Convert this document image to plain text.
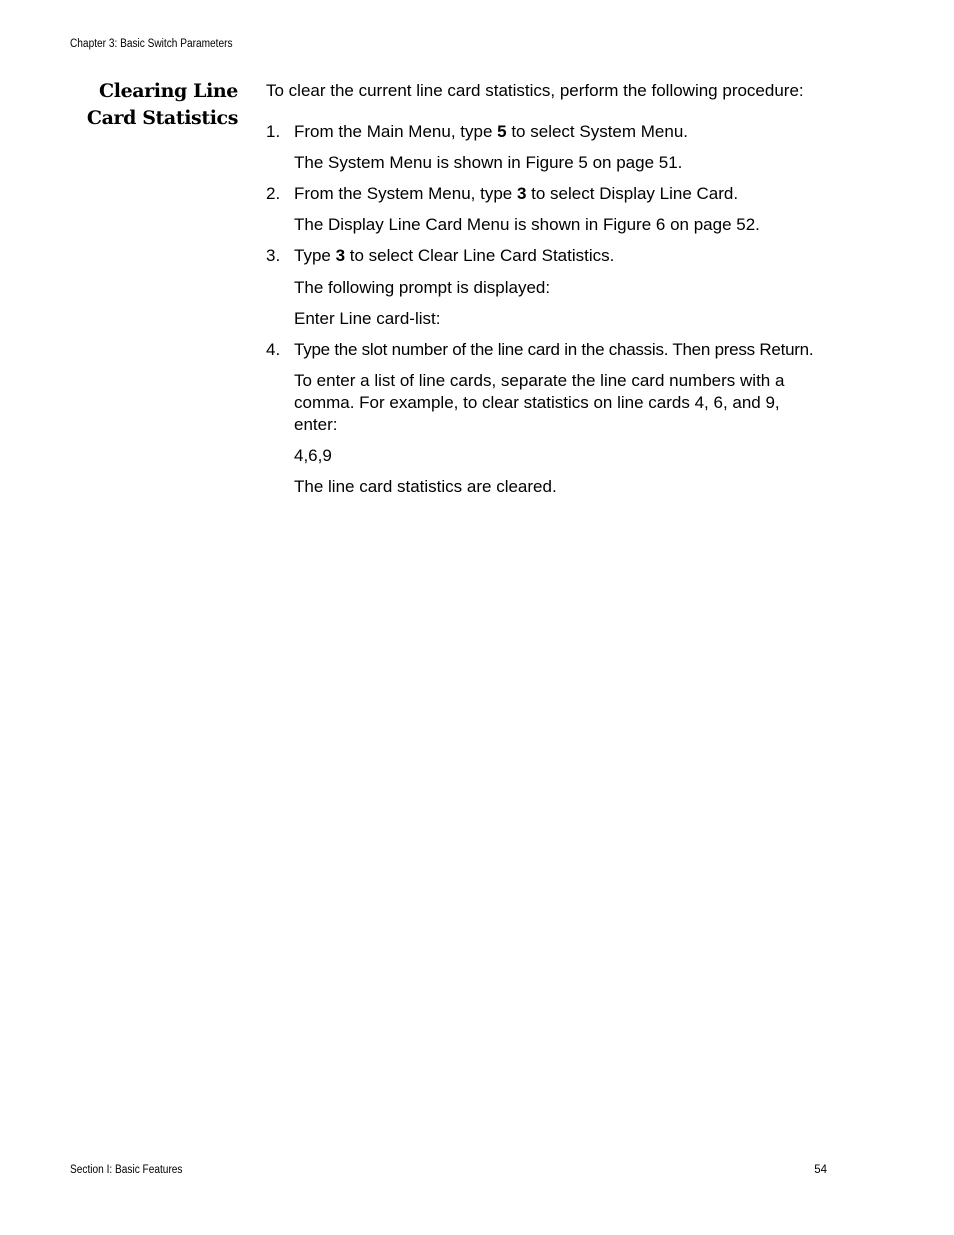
Chapter 3: Basic Switch Parameters
Clearing Line
Card Statistics
To clear the current line card statistics, perform the following procedure:
1. From the Main Menu, type 5 to select System Menu.
The System Menu is shown in Figure 5 on page 51.
2. From the System Menu, type 3 to select Display Line Card.
The Display Line Card Menu is shown in Figure 6 on page 52.
3. Type 3 to select Clear Line Card Statistics.
The following prompt is displayed:
Enter Line card-list:
4. Type the slot number of the line card in the chassis. Then press Return.
To enter a list of line cards, separate the line card numbers with a comma. For example, to clear statistics on line cards 4, 6, and 9, enter:
4,6,9
The line card statistics are cleared.
Section I: Basic Features	54
